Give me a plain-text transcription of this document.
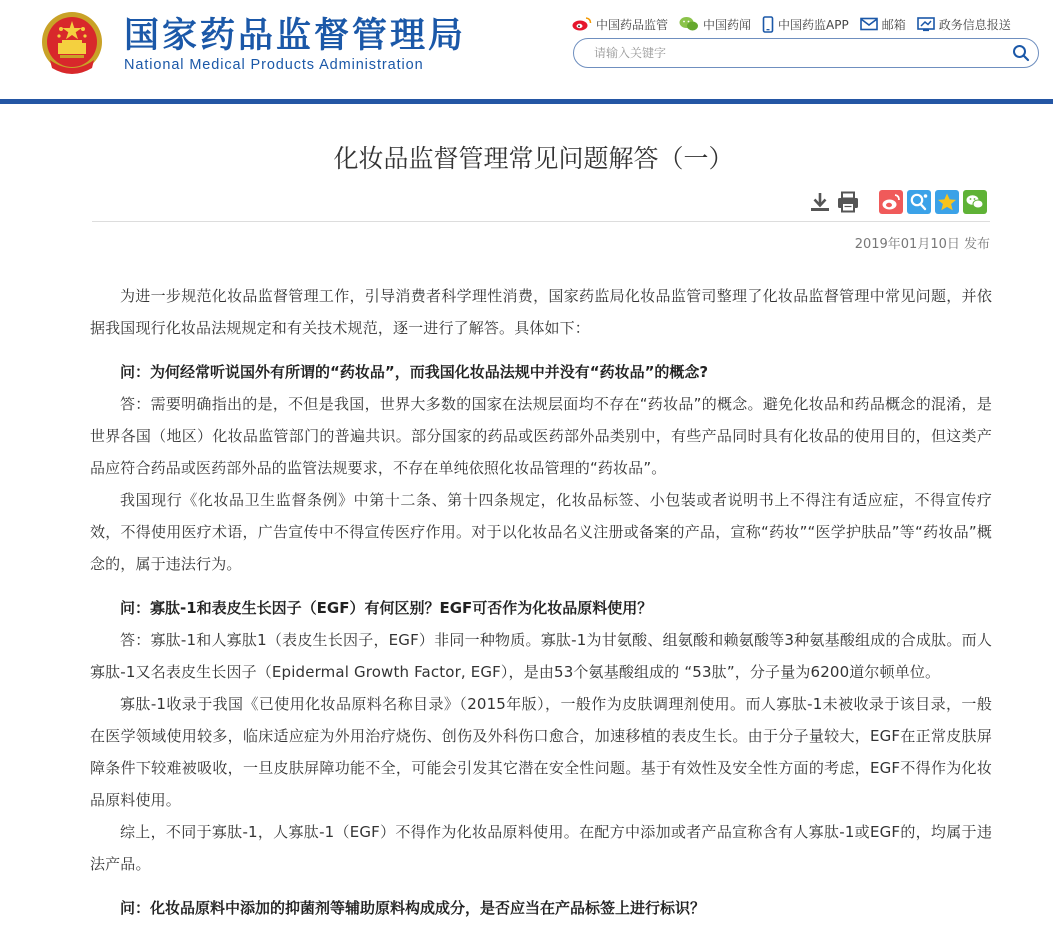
国家药品监督管理局
National Medical Products Administration
中国药品监管	中国药闻 中国药监APP	邮箱	政务信息报送
请输入关键字
化妆品监督管理常见问题解答（一）
2019年01月10日 发布

为进一步规范化妆品监督管理工作，引导消费者科学理性消费，国家药监局化妆品监管司整理了化妆品监督管理中常见问题，并依据我国现行化妆品法规规定和有关技术规范，逐一进行了解答。具体如下：

问：为何经常听说国外有所谓的“药妆品”，而我国化妆品法规中并没有“药妆品”的概念?

答：需要明确指出的是，不但是我国，世界大多数的国家在法规层面均不存在“药妆品”的概念。避免化妆品和药品概念的混淆，是世界各国（地区）化妆品监管部门的普遍共识。部分国家的药品或医药部外品类别中，有些产品同时具有化妆品的使用目的，但这类产品应符合药品或医药部外品的监管法规要求，不存在单纯依照化妆品管理的“药妆品”。

我国现行《化妆品卫生监督条例》中第十二条、第十四条规定，化妆品标签、小包装或者说明书上不得注有适应症，不得宣传疗效，不得使用医疗术语，广告宣传中不得宣传医疗作用。对于以化妆品名义注册或备案的产品，宣称“药妆”“医学护肤品”等“药妆品”概念的，属于违法行为。

问：寡肽-1和表皮生长因子（EGF）有何区别？EGF可否作为化妆品原料使用？

答：寡肽-1和人寡肽1（表皮生长因子，EGF）非同一种物质。寡肽-1为甘氨酸、组氨酸和赖氨酸等3种氨基酸组成的合成肽。而人寡肽-1又名表皮生长因子（Epidermal Growth Factor, EGF），是由53个氨基酸组成的 “53肽”，分子量为6200道尔顿单位。

寡肽-1收录于我国《已使用化妆品原料名称目录》（2015年版），一般作为皮肤调理剂使用。而人寡肽-1未被收录于该目录，一般在医学领域使用较多，临床适应症为外用治疗烧伤、创伤及外科伤口愈合，加速移植的表皮生长。由于分子量较大，EGF在正常皮肤屏障条件下较难被吸收，一旦皮肤屏障功能不全，可能会引发其它潜在安全性问题。基于有效性及安全性方面的考虑，EGF不得作为化妆品原料使用。

综上，不同于寡肽-1，人寡肽-1（EGF）不得作为化妆品原料使用。在配方中添加或者产品宣称含有人寡肽-1或EGF的，均属于违法产品。

问：化妆品原料中添加的抑菌剂等辅助原料构成成分，是否应当在产品标签上进行标识？
